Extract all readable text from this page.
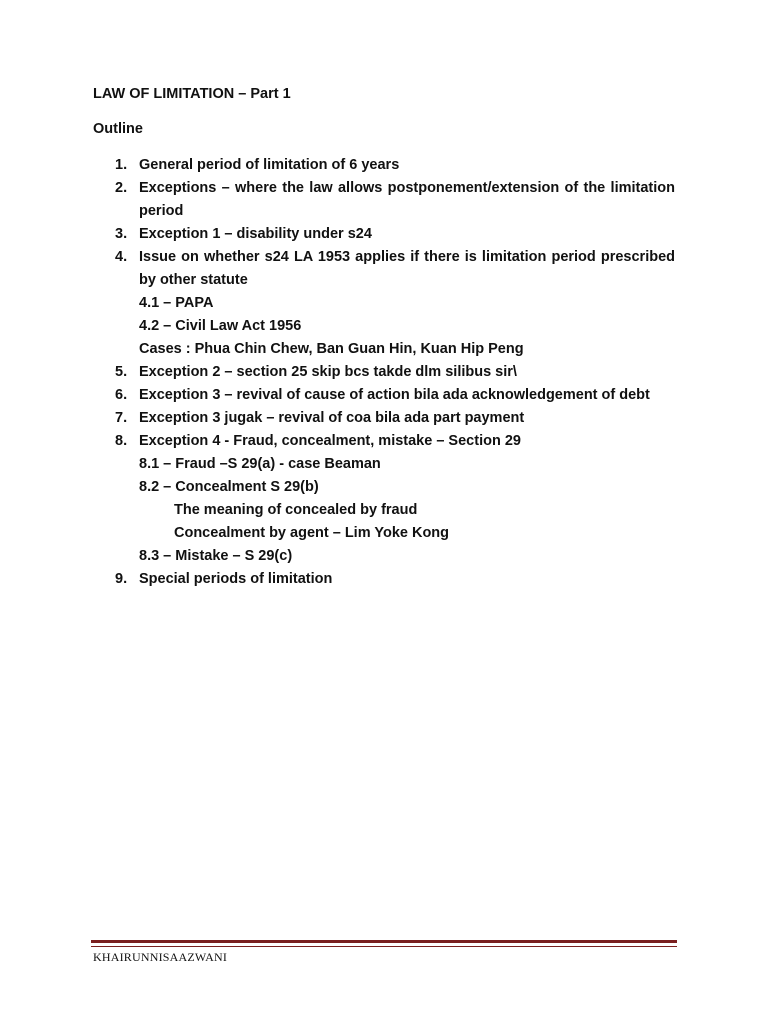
LAW OF LIMITATION – Part 1

Outline

1. General period of limitation of 6 years
2. Exceptions – where the law allows postponement/extension of the limitation period
3. Exception 1 – disability under s24
4. Issue on whether s24 LA 1953 applies if there is limitation period prescribed by other statute
4.1 – PAPA
4.2 – Civil Law Act 1956
Cases : Phua Chin Chew, Ban Guan Hin, Kuan Hip Peng
5. Exception 2 – section 25 skip bcs takde dlm silibus sir\
6. Exception 3 – revival of cause of action bila ada acknowledgement of debt
7. Exception 3 jugak – revival of coa bila ada part payment
8. Exception 4 - Fraud, concealment, mistake – Section 29
8.1 – Fraud –S 29(a) - case Beaman
8.2 – Concealment S 29(b)
The meaning of concealed by fraud
Concealment by agent – Lim Yoke Kong
8.3 – Mistake – S 29(c)
9. Special periods of limitation
KHAIRUNNISAAZWANI
